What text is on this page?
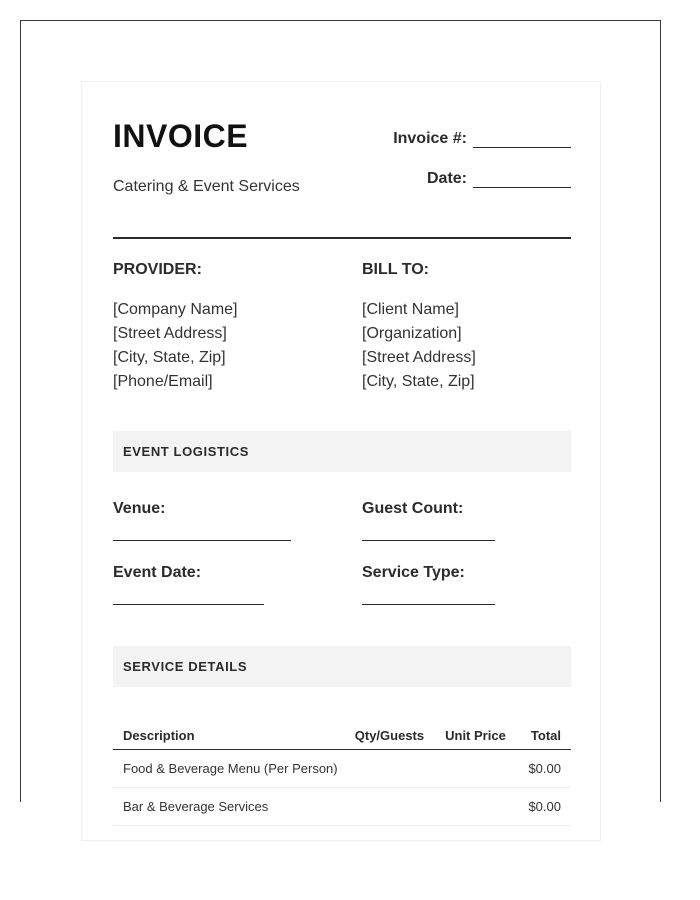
INVOICE
Catering & Event Services
Invoice #:
Date:
PROVIDER:
[Company Name]
[Street Address]
[City, State, Zip]
[Phone/Email]
BILL TO:
[Client Name]
[Organization]
[Street Address]
[City, State, Zip]
EVENT LOGISTICS
Venue:	Guest Count:
Event Date:	Service Type:
SERVICE DETAILS
Description	Qty/Guests	Unit Price	Total
Food & Beverage Menu (Per Person)			$0.00
Bar & Beverage Services			$0.00
